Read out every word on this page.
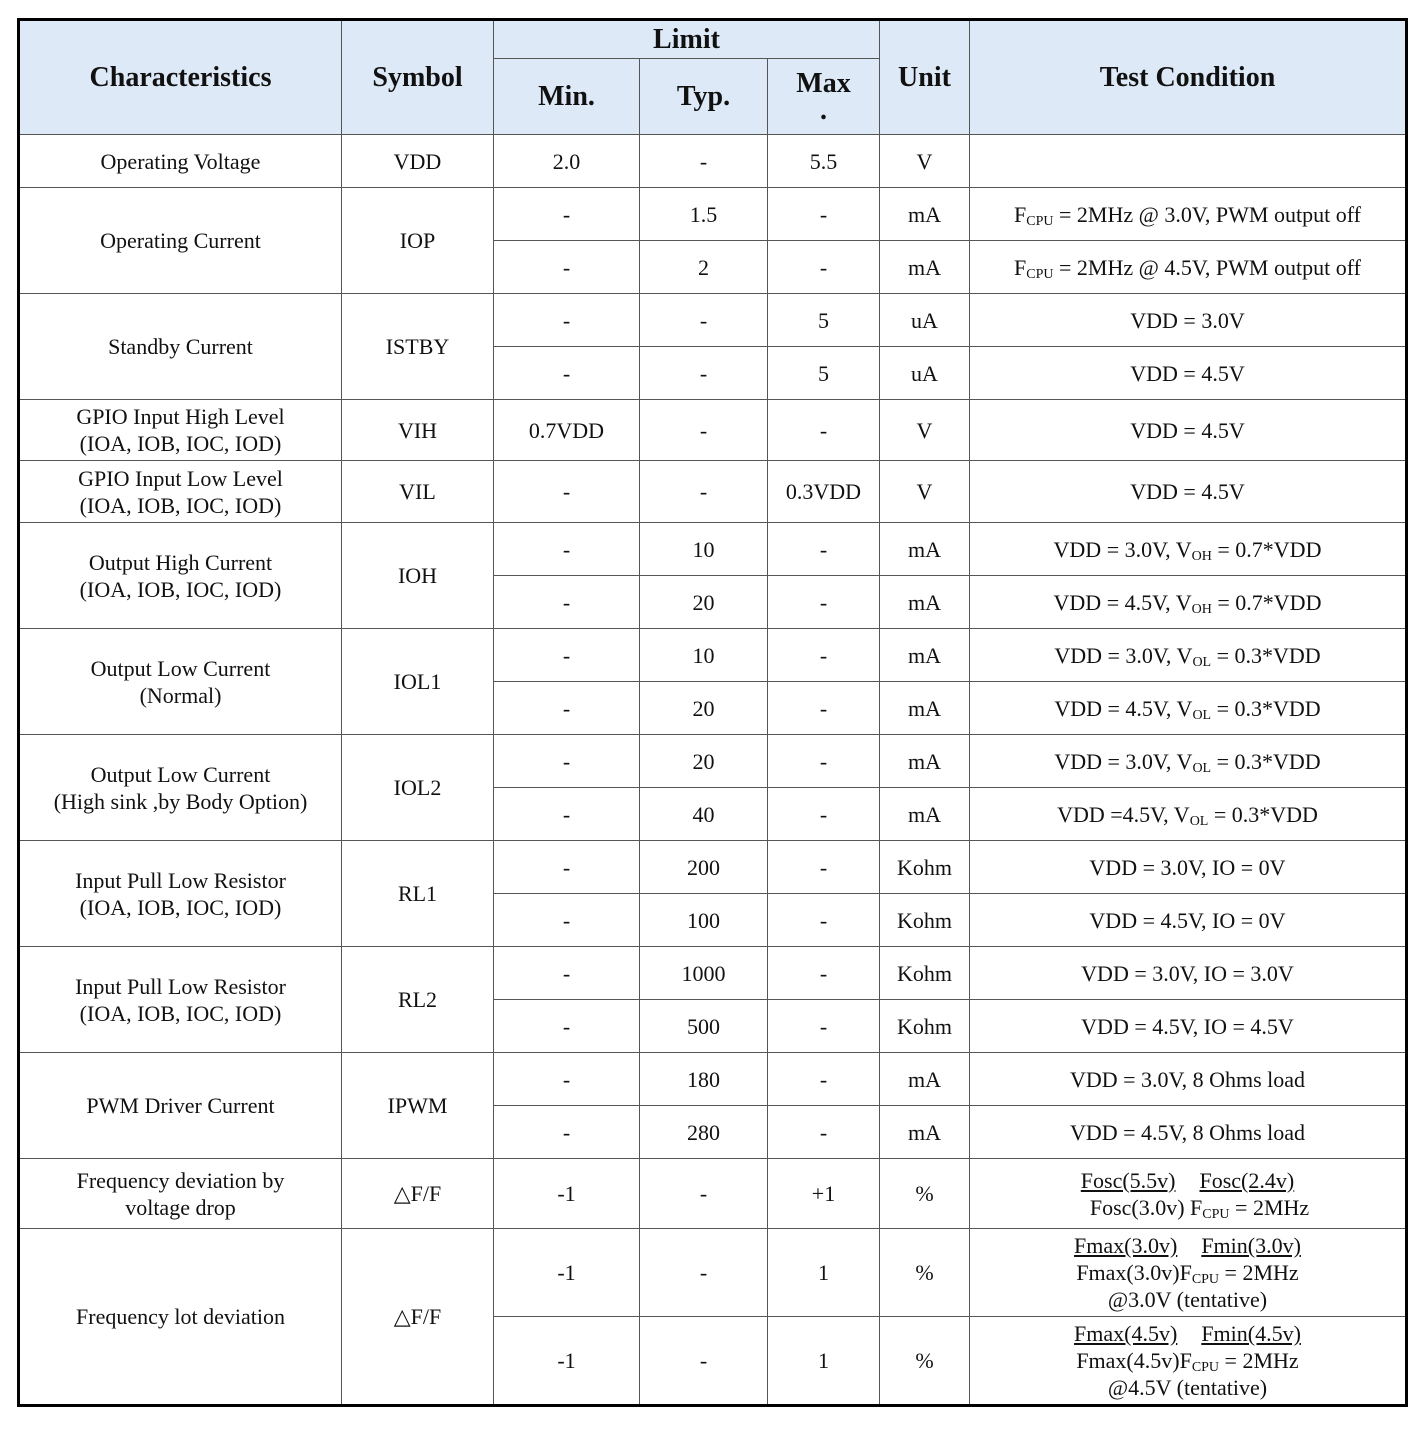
Characteristics	Symbol	Limit			Unit	Test Condition
		Min.	Typ.	Max
.		

Operating Voltage	VDD	2.0	-	5.5	V	
Operating Current	IOP	-	1.5	-	mA	$F_{CPU} = 2MHz$ @ 3.0V, PWM output off
		-	2	-	mA	$F_{CPU} = 2MHz$ @ 4.5V, PWM output off
Standby Current	ISTBY	-	-	5	uA	VDD = 3.0V
		-	-	5	uA	VDD = 4.5V

GPIO Input High Level
(IOA, IOB, IOC, IOD)	VIH	0.7VDD	-	-	V	VDD = 4.5V

GPIO Input Low Level
(IOA, IOB, IOC, IOD)	VIL	-	-	0.3VDD	V	VDD = 4.5V

Output High Current
(IOA, IOB, IOC, IOD)	IOH	-	10	-	mA	VDD = 3.0V, $V_{OH} = 0.7*VDD$
		-	20	-	mA	VDD = 4.5V, $V_{OH} = 0.7*VDD$

Output Low Current
(Normal)	IOL1	-	10	-	mA	VDD = 3.0V, $V_{OL} = 0.3*VDD$
		-	20	-	mA	VDD = 4.5V, $V_{OL} = 0.3*VDD$

Output Low Current
(High sink ,by Body Option)	IOL2	-	20	-	mA	VDD = 3.0V, $V_{OL} = 0.3*VDD$
		-	40	-	mA	VDD =4.5V, $V_{OL} = 0.3*VDD$

Input Pull Low Resistor
(IOA, IOB, IOC, IOD)	RL1	-	200	-	Kohm	VDD = 3.0V, IO = 0V
		-	100	-	Kohm	VDD = 4.5V, IO = 0V

Input Pull Low Resistor
(IOA, IOB, IOC, IOD)	RL2	-	1000	-	Kohm	VDD = 3.0V, IO = 3.0V
		-	500	-	Kohm	VDD = 4.5V, IO = 4.5V
PWM Driver Current	IPWM	-	180	-	mA	VDD = 3.0V, 8 Ohms load
		-	280	-	mA	VDD = 4.5V, 8 Ohms load

Frequency deviation by
voltage drop	△F/F	-1	-	+1	%	Fosc(5.5v) Fosc(2.4v)
Fosc(3.0v) $F_{CPU} = 2MHz$

Frequency lot deviation	△F/F	-1	-	1	%	Fmax(3.0v) Fmin(3.0v)
$Fmax(3.0v)F_{CPU} = 2MHz$
@3.0V (tentative)

		-1	-	1	%	Fmax(4.5v) Fmin(4.5v)
$Fmax(4.5v)F_{CPU} = 2MHz$
@4.5V (tentative)
